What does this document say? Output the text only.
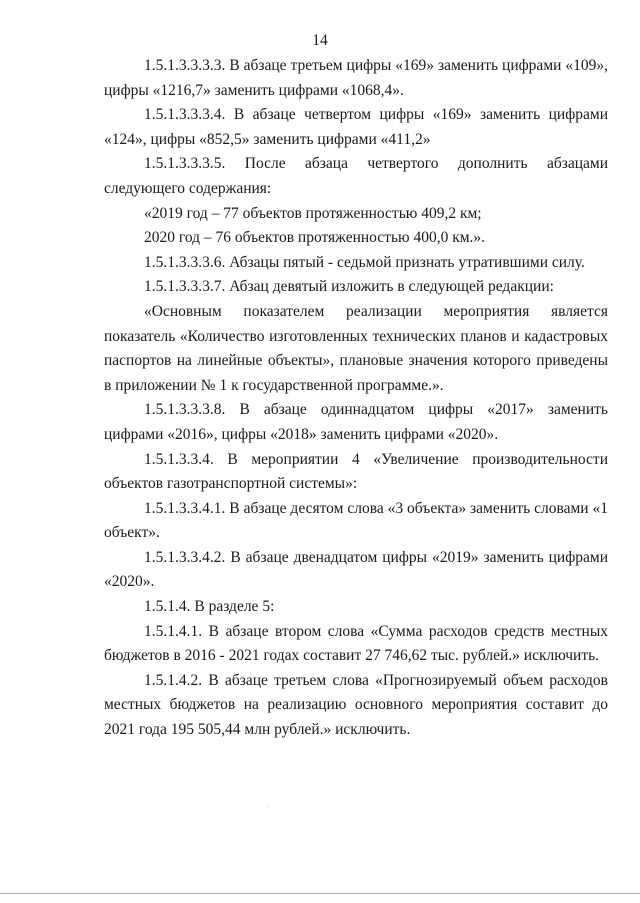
14

1.5.1.3.3.3.3. В абзаце третьем цифры «169» заменить цифрами «109», цифры «1216,7» заменить цифрами «1068,4».

1.5.1.3.3.3.4. В абзаце четвертом цифры «169» заменить цифрами «124», цифры «852,5» заменить цифрами «411,2»

1.5.1.3.3.3.5. После абзаца четвертого дополнить абзацами следующего содержания:

«2019 год – 77 объектов протяженностью 409,2 км;

2020 год – 76 объектов протяженностью 400,0 км.».

1.5.1.3.3.3.6. Абзацы пятый - седьмой признать утратившими силу.

1.5.1.3.3.3.7. Абзац девятый изложить в следующей редакции:

«Основным показателем реализации мероприятия является показатель «Количество изготовленных технических планов и кадастровых паспортов на линейные объекты», плановые значения которого приведены в приложении № 1 к государственной программе.».

1.5.1.3.3.3.8. В абзаце одиннадцатом цифры «2017» заменить цифрами «2016», цифры «2018» заменить цифрами «2020».

1.5.1.3.3.4. В мероприятии 4 «Увеличение производительности объектов газотранспортной системы»:

1.5.1.3.3.4.1. В абзаце десятом слова «3 объекта» заменить словами «1 объект».

1.5.1.3.3.4.2. В абзаце двенадцатом цифры «2019» заменить цифрами «2020».

1.5.1.4. В разделе 5:

1.5.1.4.1. В абзаце втором слова «Сумма расходов средств местных бюджетов в 2016 - 2021 годах составит 27 746,62 тыс. рублей.» исключить.

1.5.1.4.2. В абзаце третьем слова «Прогнозируемый объем расходов местных бюджетов на реализацию основного мероприятия составит до 2021 года 195 505,44 млн рублей.» исключить.
